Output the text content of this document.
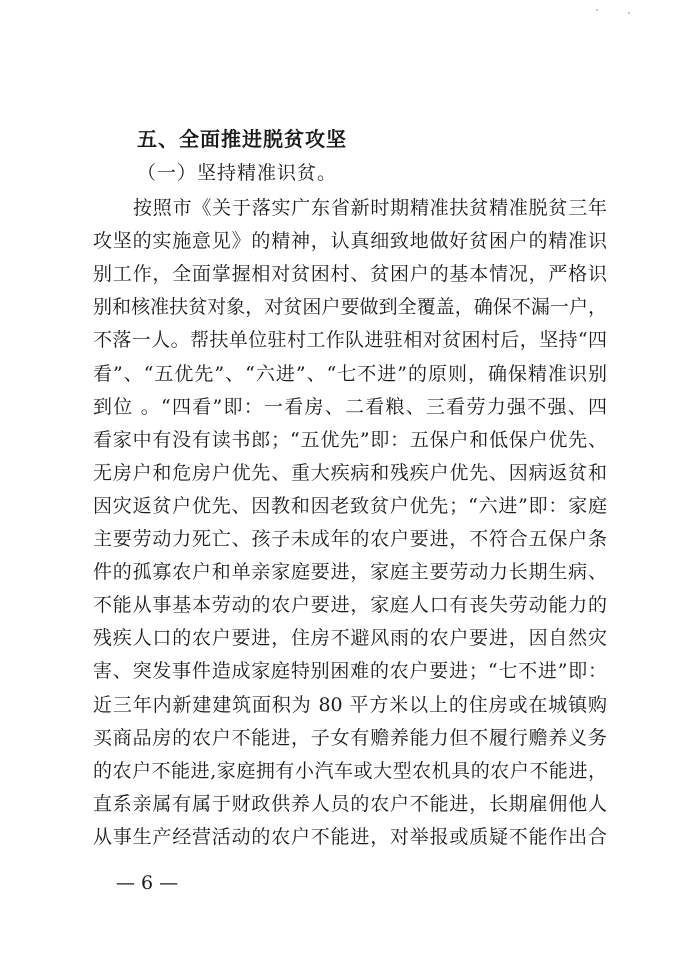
五、全面推进脱贫攻坚
（一）坚持精准识贫。
按照市《关于落实广东省新时期精准扶贫精准脱贫三年
攻坚的实施意见》的精神，认真细致地做好贫困户的精准识
别工作，全面掌握相对贫困村、贫困户的基本情况，严格识
别和核准扶贫对象，对贫困户要做到全覆盖，确保不漏一户，
不落一人。帮扶单位驻村工作队进驻相对贫困村后，坚持“四
看”、“五优先”、“六进”、“七不进”的原则，确保精准识别
到位 。“四看”即：一看房、二看粮、三看劳力强不强、四
看家中有没有读书郎；“五优先”即：五保户和低保户优先、
无房户和危房户优先、重大疾病和残疾户优先、因病返贫和
因灾返贫户优先、因教和因老致贫户优先；“六进”即：家庭
主要劳动力死亡、孩子未成年的农户要进，不符合五保户条
件的孤寡农户和单亲家庭要进，家庭主要劳动力长期生病、
不能从事基本劳动的农户要进，家庭人口有丧失劳动能力的
残疾人口的农户要进，住房不避风雨的农户要进，因自然灾
害、突发事件造成家庭特别困难的农户要进；“七不进”即：
近三年内新建建筑面积为 80 平方米以上的住房或在城镇购
买商品房的农户不能进，子女有赡养能力但不履行赡养义务
的农户不能进,家庭拥有小汽车或大型农机具的农户不能进，
直系亲属有属于财政供养人员的农户不能进，长期雇佣他人
从事生产经营活动的农户不能进，对举报或质疑不能作出合
— 6 —
